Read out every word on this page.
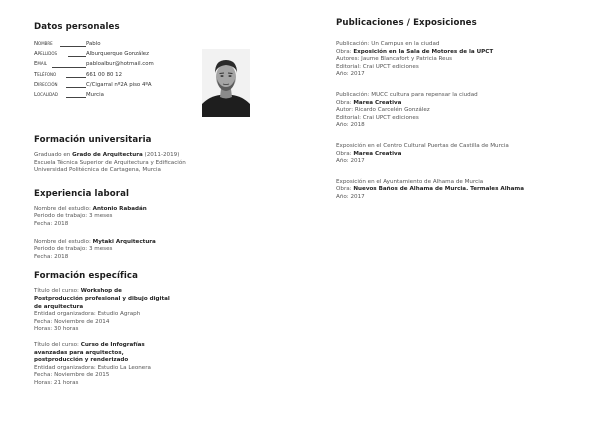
Datos personales
Nombre	Pablo
Apellidos	Alburquerque González
Email	pabloalbur@hotmail.com
Teléfono	661 00 80 12
Dirección	C/Cigarral nº2A piso 4ºA
Localidad	Murcia
Formación universitaria
Graduado en Grado de Arquitectura (2011-2019)
Escuela Técnica Superior de Arquitectura y Edificación
Universidad Politécnica de Cartagena, Murcia
Experiencia laboral
Nombre del estudio: Antonio Rabadán
Periodo de trabajo: 3 meses
Fecha: 2018
Nombre del estudio: Mytaki Arquitectura
Periodo de trabajo: 3 meses
Fecha: 2018
Formación específica
Título del curso: Workshop de Postproducción profesional y dibujo digital de arquitectura
Entidad organizadora: Estudio Agraph
Fecha: Noviembre de 2014
Horas: 30 horas
Título del curso: Curso de Infografías avanzadas para arquitectos, postproducción y renderizado
Entidad organizadora: Estudio La Leonera
Fecha: Noviembre de 2015
Horas: 21 horas
Publicaciones / Exposiciones
Publicación: Un Campus en la ciudad
Obra: Exposición en la Sala de Motores de la UPCT
Autores: Jaume Blancafort y Patricia Reus
Editorial: Crai UPCT ediciones
Año: 2017
Publicación: MUCC cultura para repensar la ciudad
Obra: Marea Creativa
Autor: Ricardo Carcelén González
Editorial: Crai UPCT ediciones
Año: 2018
Exposición en el Centro Cultural Puertas de Castilla de Murcia
Obra: Marea Creativa
Año: 2017
Exposición en el Ayuntamiento de Alhama de Murcia
Obra: Nuevos Baños de Alhama de Murcia. Termales Alhama
Año: 2017
